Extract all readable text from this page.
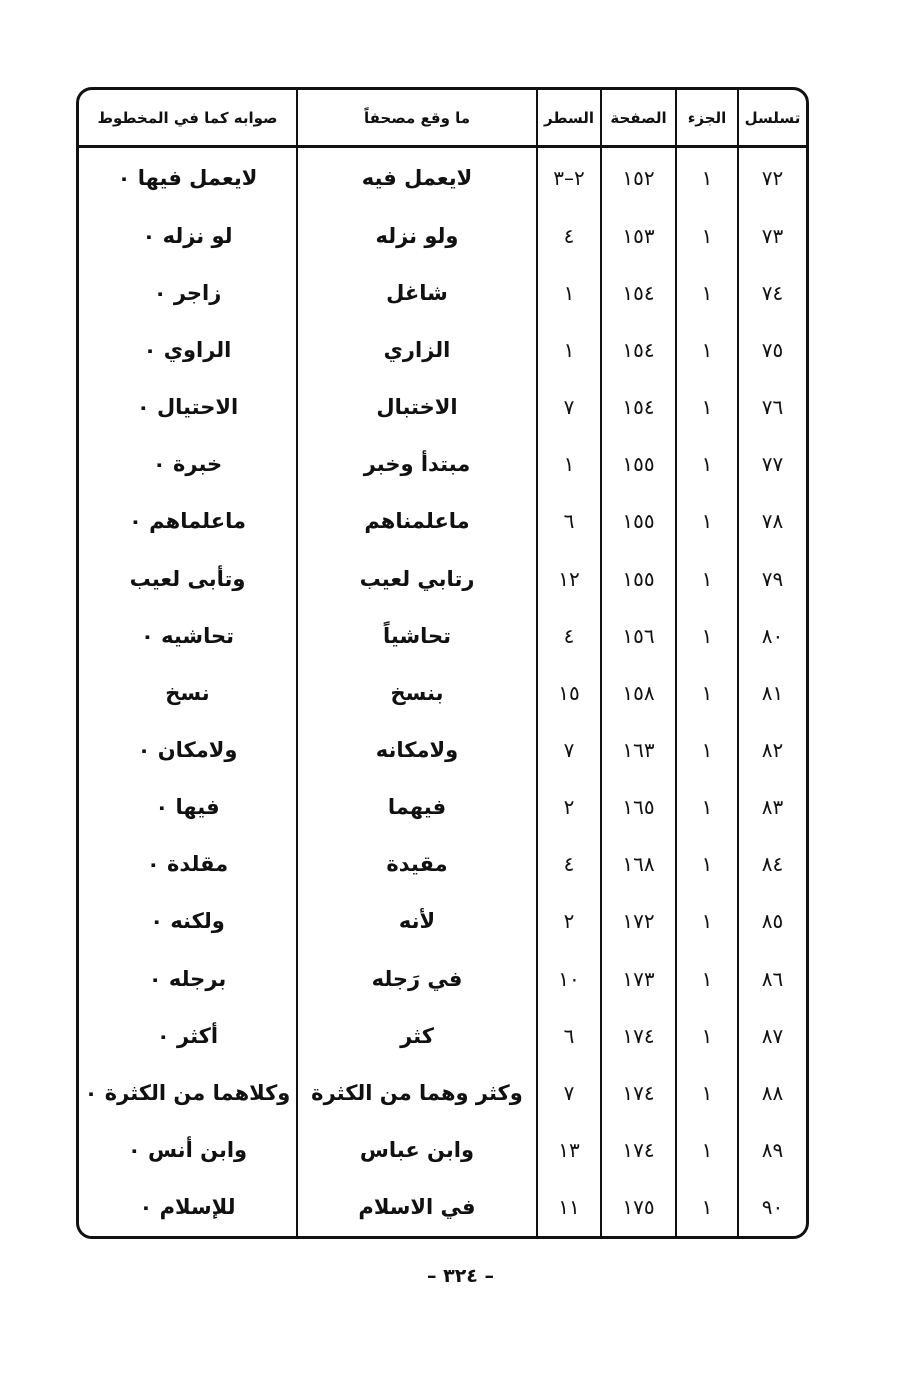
تسلسل	الجزء	الصفحة	السطر	ما وقع مصحفاً	صوابه كما في المخطوط
٧٢	١	١٥٢	٢–٣	لايعمل فيه	لايعمل فيها ٠
٧٣	١	١٥٣	٤	ولو نزله	لو نزله ٠
٧٤	١	١٥٤	١	شاغل	زاجر ٠
٧٥	١	١٥٤	١	الزاري	الراوي ٠
٧٦	١	١٥٤	٧	الاختبال	الاحتيال ٠
٧٧	١	١٥٥	١	مبتدأ وخبر	خبرة ٠
٧٨	١	١٥٥	٦	ماعلمناهم	ماعلماهم ٠
٧٩	١	١٥٥	١٢	رتابي لعيب	وتأبى لعيب
٨٠	١	١٥٦	٤	تحاشياً	تحاشيه ٠
٨١	١	١٥٨	١٥	بنسخ	نسخ
٨٢	١	١٦٣	٧	ولامكانه	ولامكان ٠
٨٣	١	١٦٥	٢	فيهما	فيها ٠
٨٤	١	١٦٨	٤	مقيدة	مقلدة ٠
٨٥	١	١٧٢	٢	لأنه	ولكنه ٠
٨٦	١	١٧٣	١٠	في رَجله	برجله ٠
٨٧	١	١٧٤	٦	كثر	أكثر ٠
٨٨	١	١٧٤	٧	وكثر وهما من الكثرة	وكلاهما من الكثرة ٠
٨٩	١	١٧٤	١٣	وابن عباس	وابن أنس ٠
٩٠	١	١٧٥	١١	في الاسلام	للإسلام ٠
– ٣٢٤ –
